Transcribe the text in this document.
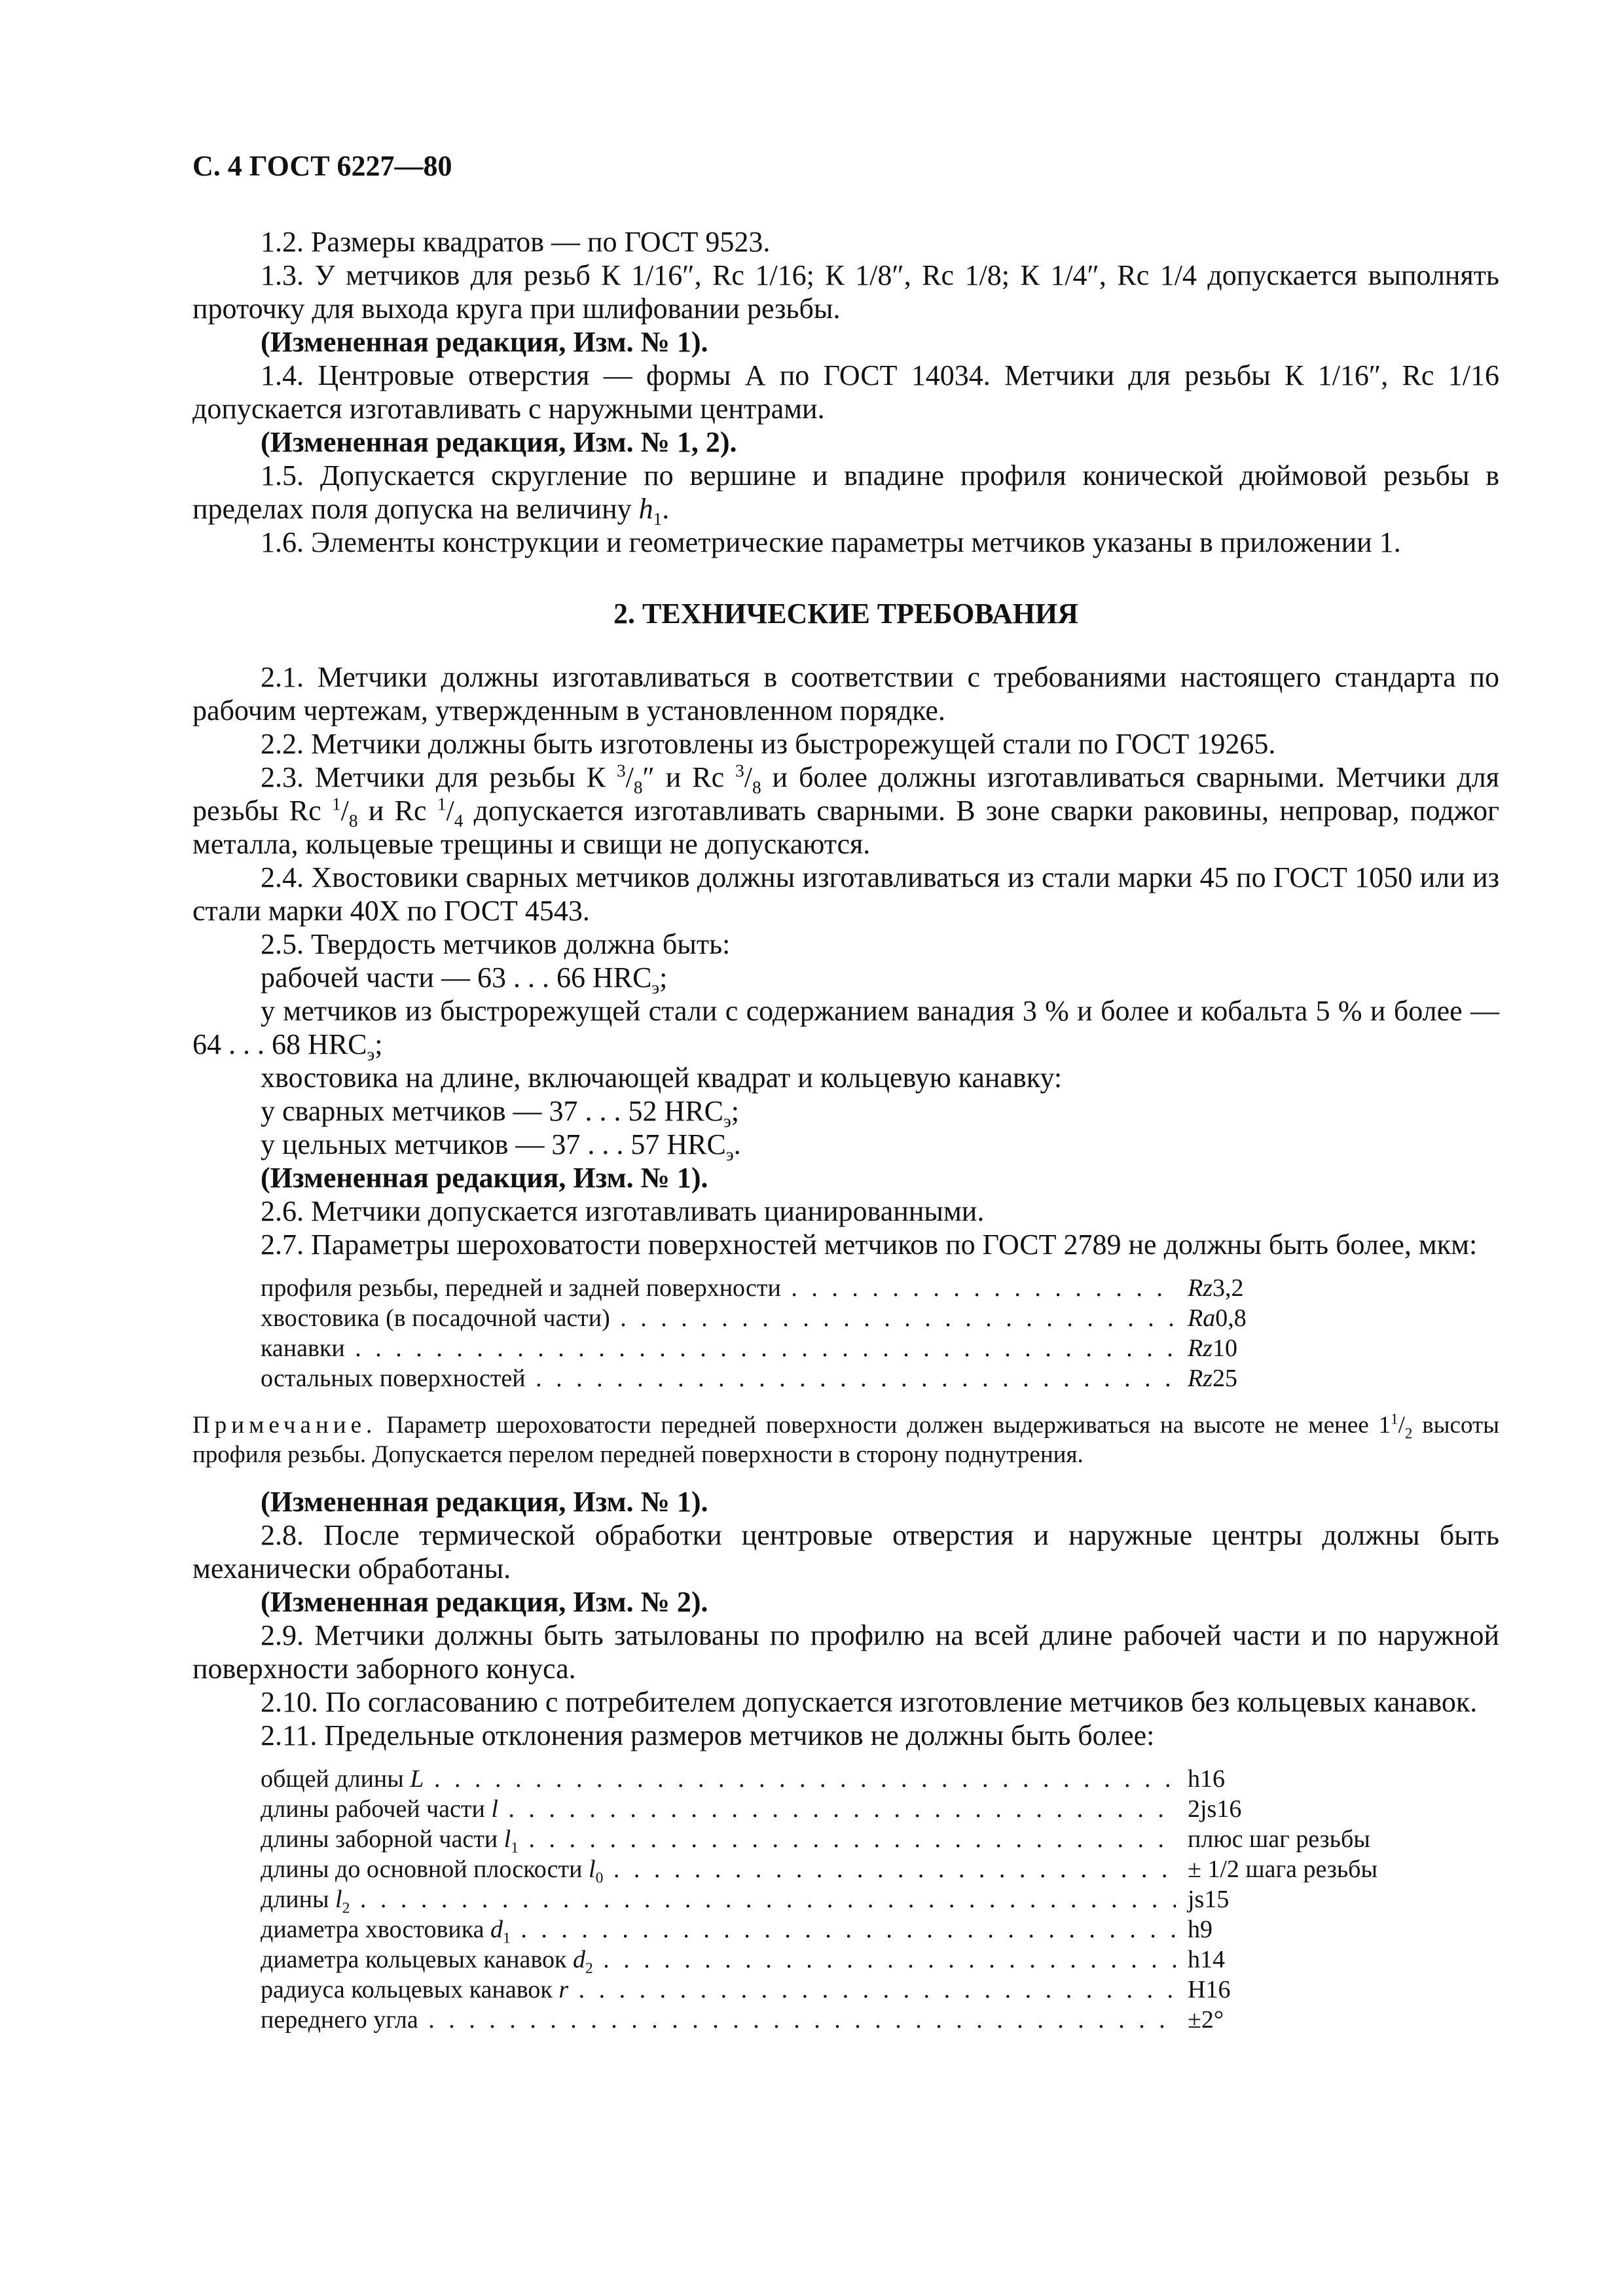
С. 4 ГОСТ 6227—80

1.2. Размеры квадратов — по ГОСТ 9523.

1.3. У метчиков для резьб К 1/16″, Rc 1/16; К 1/8″, Rc 1/8; К 1/4″, Rc 1/4 допускается выполнять проточку для выхода круга при шлифовании резьбы.

(Измененная редакция, Изм. № 1).

1.4. Центровые отверстия — формы А по ГОСТ 14034. Метчики для резьбы К 1/16″, Rc 1/16 допускается изготавливать с наружными центрами.

(Измененная редакция, Изм. № 1, 2).

1.5. Допускается скругление по вершине и впадине профиля конической дюймовой резьбы в пределах поля допуска на величину $h_1$.

1.6. Элементы конструкции и геометрические параметры метчиков указаны в приложении 1.

2. ТЕХНИЧЕСКИЕ ТРЕБОВАНИЯ

2.1. Метчики должны изготавливаться в соответствии с требованиями настоящего стандарта по рабочим чертежам, утвержденным в установленном порядке.

2.2. Метчики должны быть изготовлены из быстрорежущей стали по ГОСТ 19265.

2.3. Метчики для резьбы К $^3/_8''$ и Rc $^3/_8$ и более должны изготавливаться сварными. Метчики для резьбы Rc $^1/_8$ и Rc $^1/_4$ допускается изготавливать сварными. В зоне сварки раковины, непровар, поджог металла, кольцевые трещины и свищи не допускаются.

2.4. Хвостовики сварных метчиков должны изготавливаться из стали марки 45 по ГОСТ 1050 или из стали марки 40Х по ГОСТ 4543.

2.5. Твердость метчиков должна быть:

рабочей части — 63 . . . 66 $HRC_э$;

у метчиков из быстрорежущей стали с содержанием ванадия 3 % и более и кобальта 5 % и более — 64 . . . 68 $HRC_э$;

хвостовика на длине, включающей квадрат и кольцевую канавку:

у сварных метчиков — 37 . . . 52 $HRC_э$;

у цельных метчиков — 37 . . . 57 $HRC_э$.

(Измененная редакция, Изм. № 1).

2.6. Метчики допускается изготавливать цианированными.

2.7. Параметры шероховатости поверхностей метчиков по ГОСТ 2789 не должны быть более, мкм:

профиля резьбы, передней и задней поверхности . . .	Rz3,2
хвостовика (в посадочной части) . . .	Ra0,8
канавки . . .	Rz10
остальных поверхностей . . .	Rz25

Примечание. Параметр шероховатости передней поверхности должен выдерживаться на высоте не менее $1^1/_2$ высоты профиля резьбы. Допускается перелом передней поверхности в сторону поднутрения.

(Измененная редакция, Изм. № 1).

2.8. После термической обработки центровые отверстия и наружные центры должны быть механически обработаны.

(Измененная редакция, Изм. № 2).

2.9. Метчики должны быть затылованы по профилю на всей длине рабочей части и по наружной поверхности заборного конуса.

2.10. По согласованию с потребителем допускается изготовление метчиков без кольцевых канавок.

2.11. Предельные отклонения размеров метчиков не должны быть более:

общей длины L . . .	h16
длины рабочей части l . . .	2js16
длины заборной части $l_1$ . . .	плюс шаг резьбы
длины до основной плоскости $l_0$ . . .	± 1/2 шага резьбы
длины $l_2$ . . .	js15
диаметра хвостовика $d_1$ . . .	h9
диаметра кольцевых канавок $d_2$ . . .	h14
радиуса кольцевых канавок r . . .	H16
переднего угла . . .	±2°
